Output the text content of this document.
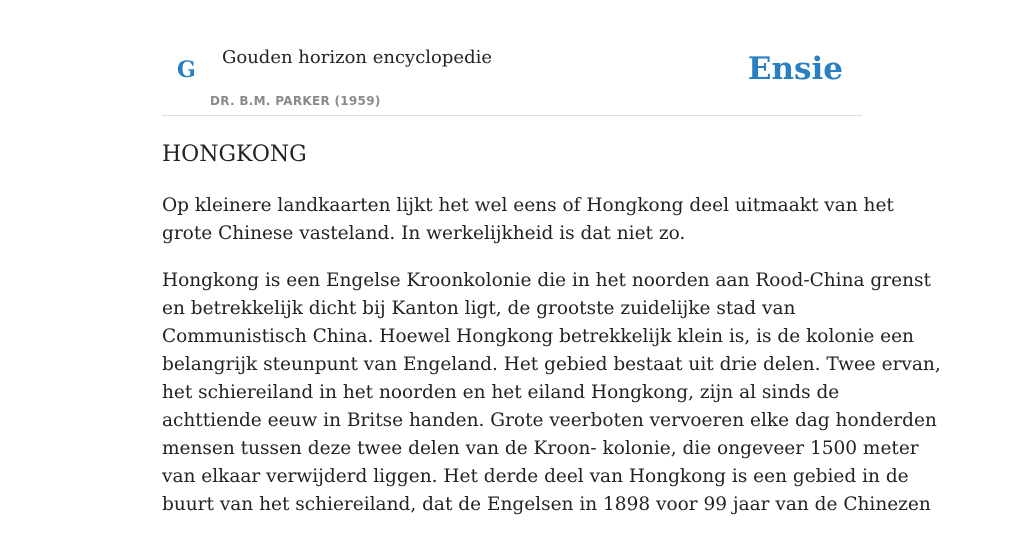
G Gouden horizon encyclopedie
DR. B.M. PARKER (1959)
Ensie
HONGKONG

Op kleinere landkaarten lijkt het wel eens of Hongkong deel uitmaakt van het
grote Chinese vasteland. In werkelijkheid is dat niet zo.

Hongkong is een Engelse Kroonkolonie die in het noorden aan Rood-China grenst
en betrekkelijk dicht bij Kanton ligt, de grootste zuidelijke stad van
Communistisch China. Hoewel Hongkong betrekkelijk klein is, is de kolonie een
belangrijk steunpunt van Engeland. Het gebied bestaat uit drie delen. Twee ervan,
het schiereiland in het noorden en het eiland Hongkong, zijn al sinds de
achttiende eeuw in Britse handen. Grote veerboten vervoeren elke dag honderden
mensen tussen deze twee delen van de Kroon- kolonie, die ongeveer 1500 meter
van elkaar verwijderd liggen. Het derde deel van Hongkong is een gebied in de
buurt van het schiereiland, dat de Engelsen in 1898 voor 99 jaar van de Chinezen
